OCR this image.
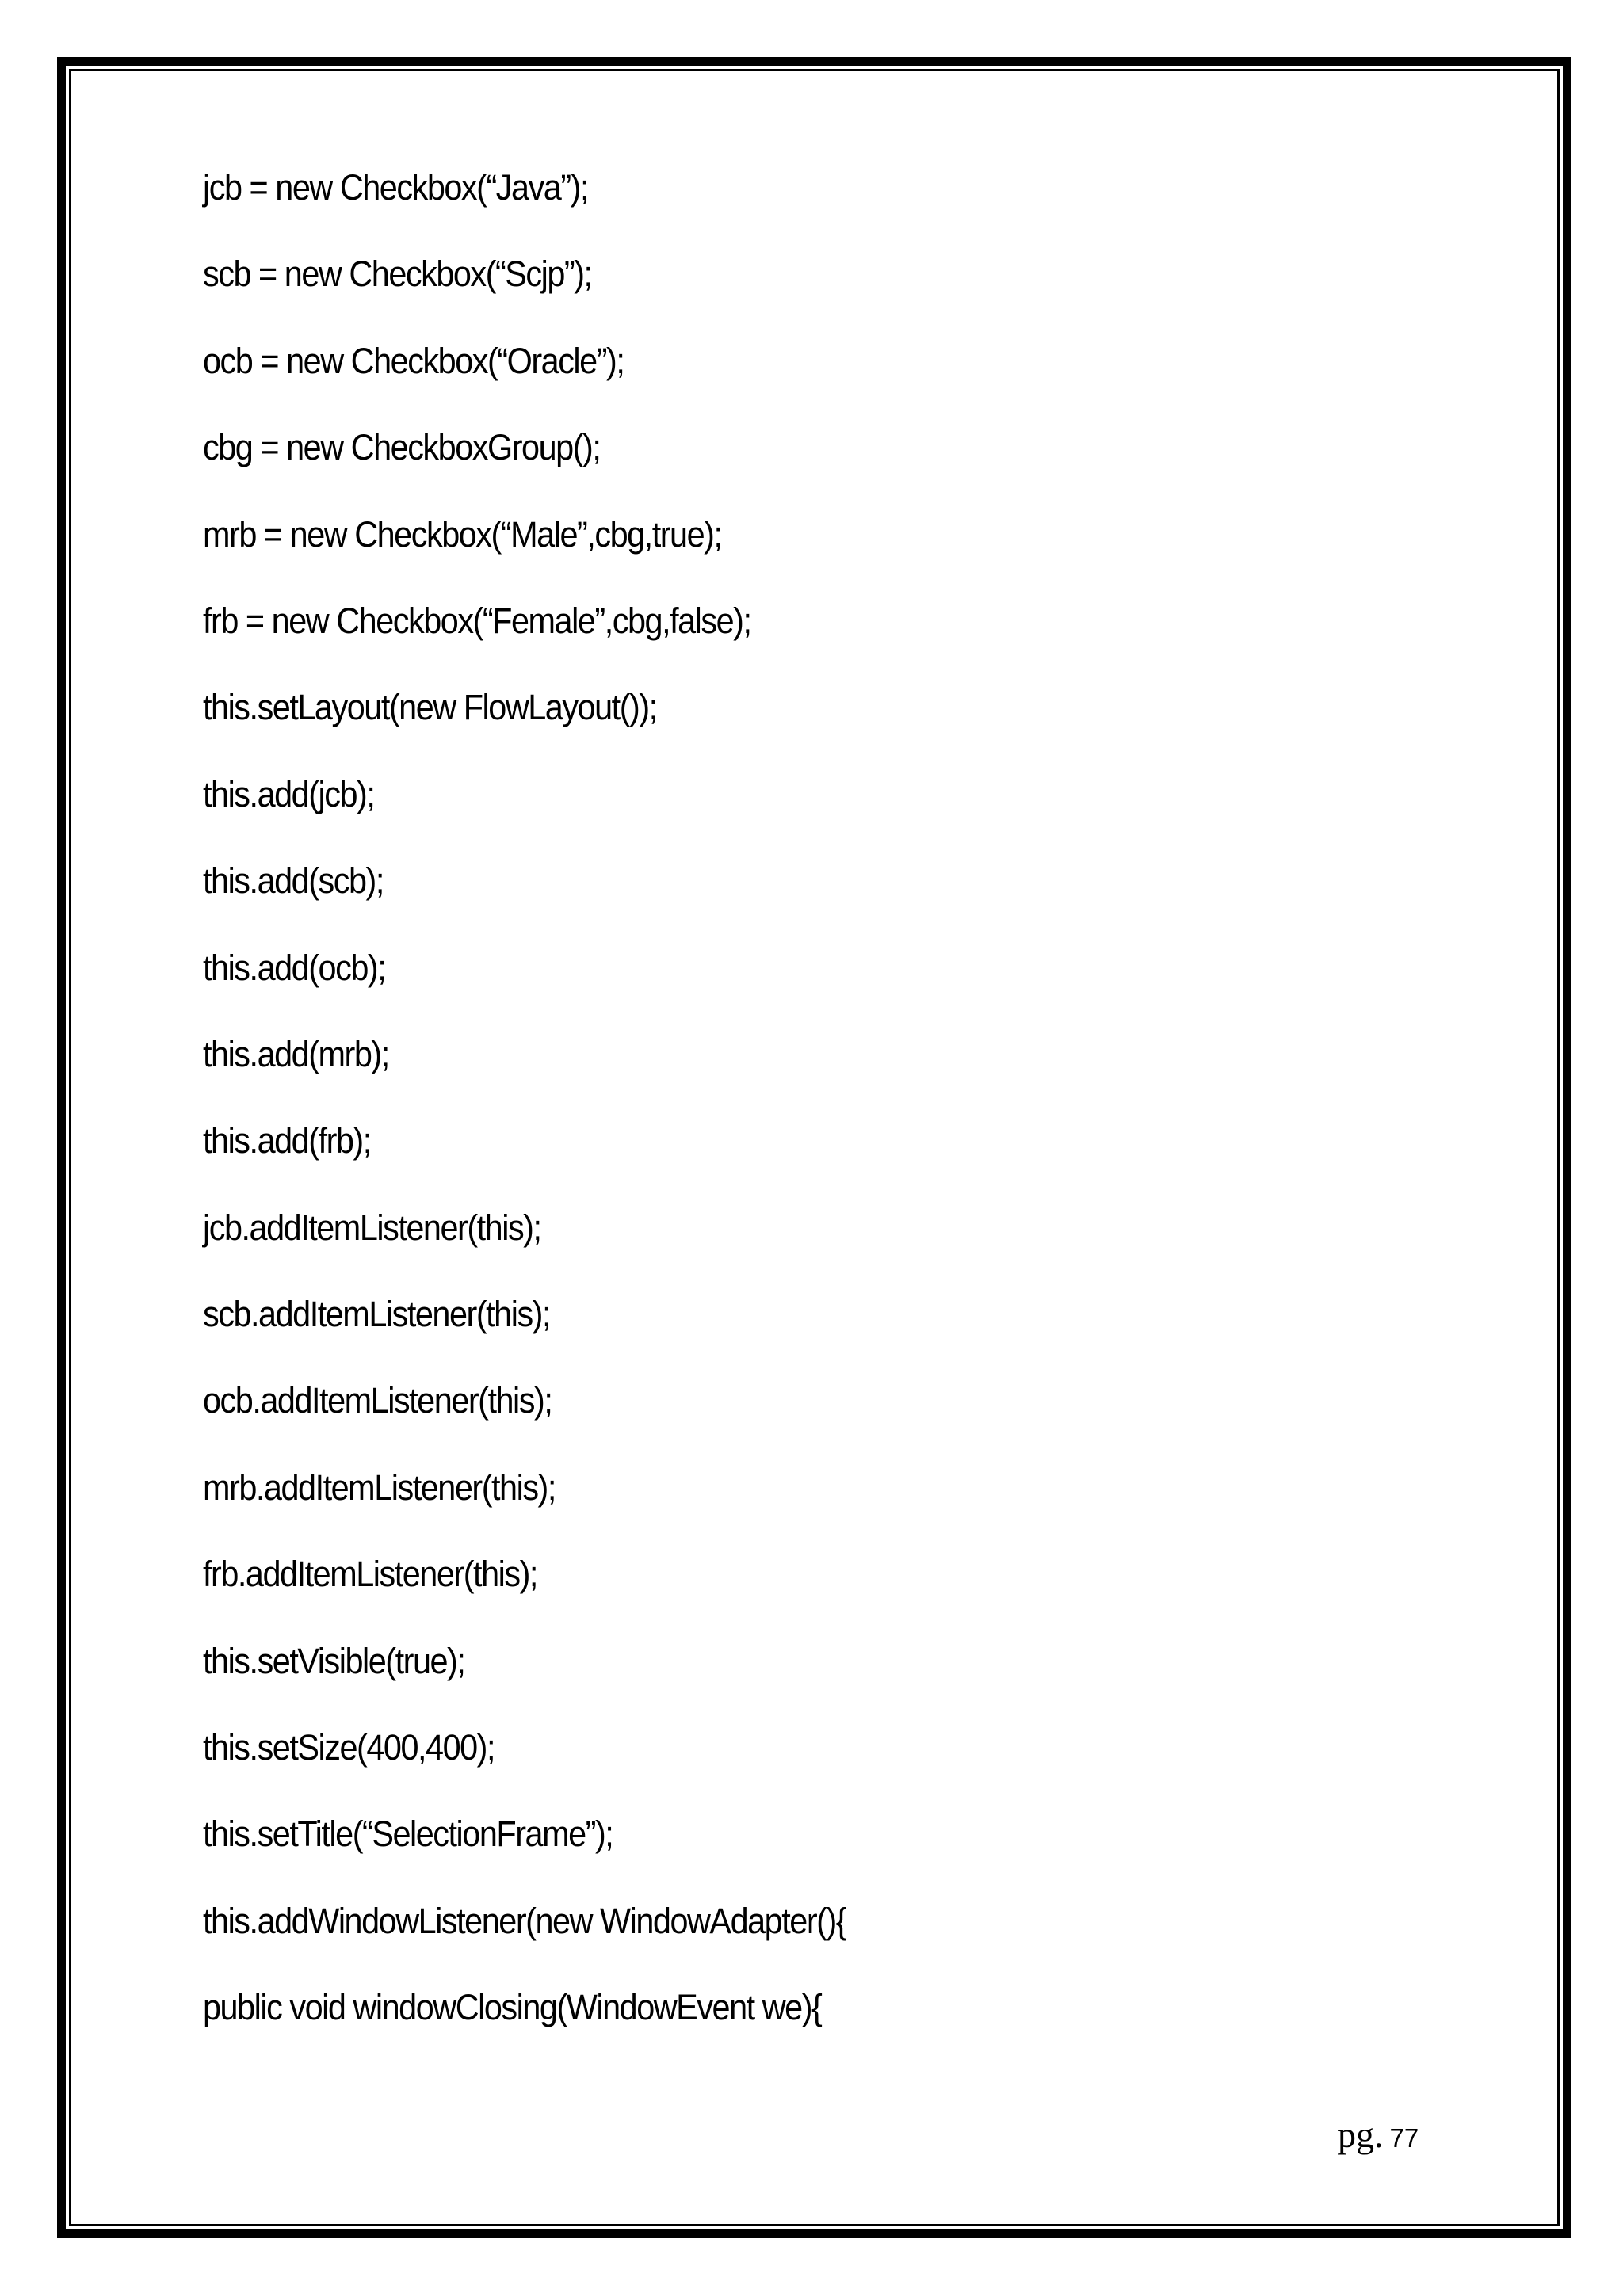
jcb = new Checkbox(“Java”);
scb = new Checkbox(“Scjp”);
ocb = new Checkbox(“Oracle”);
cbg = new CheckboxGroup();
mrb = new Checkbox(“Male”,cbg,true);
frb = new Checkbox(“Female”,cbg,false);
this.setLayout(new FlowLayout());
this.add(jcb);
this.add(scb);
this.add(ocb);
this.add(mrb);
this.add(frb);
jcb.addItemListener(this);
scb.addItemListener(this);
ocb.addItemListener(this);
mrb.addItemListener(this);
frb.addItemListener(this);
this.setVisible(true);
this.setSize(400,400);
this.setTitle(“SelectionFrame”);
this.addWindowListener(new WindowAdapter(){
public void windowClosing(WindowEvent we){
pg. 77
